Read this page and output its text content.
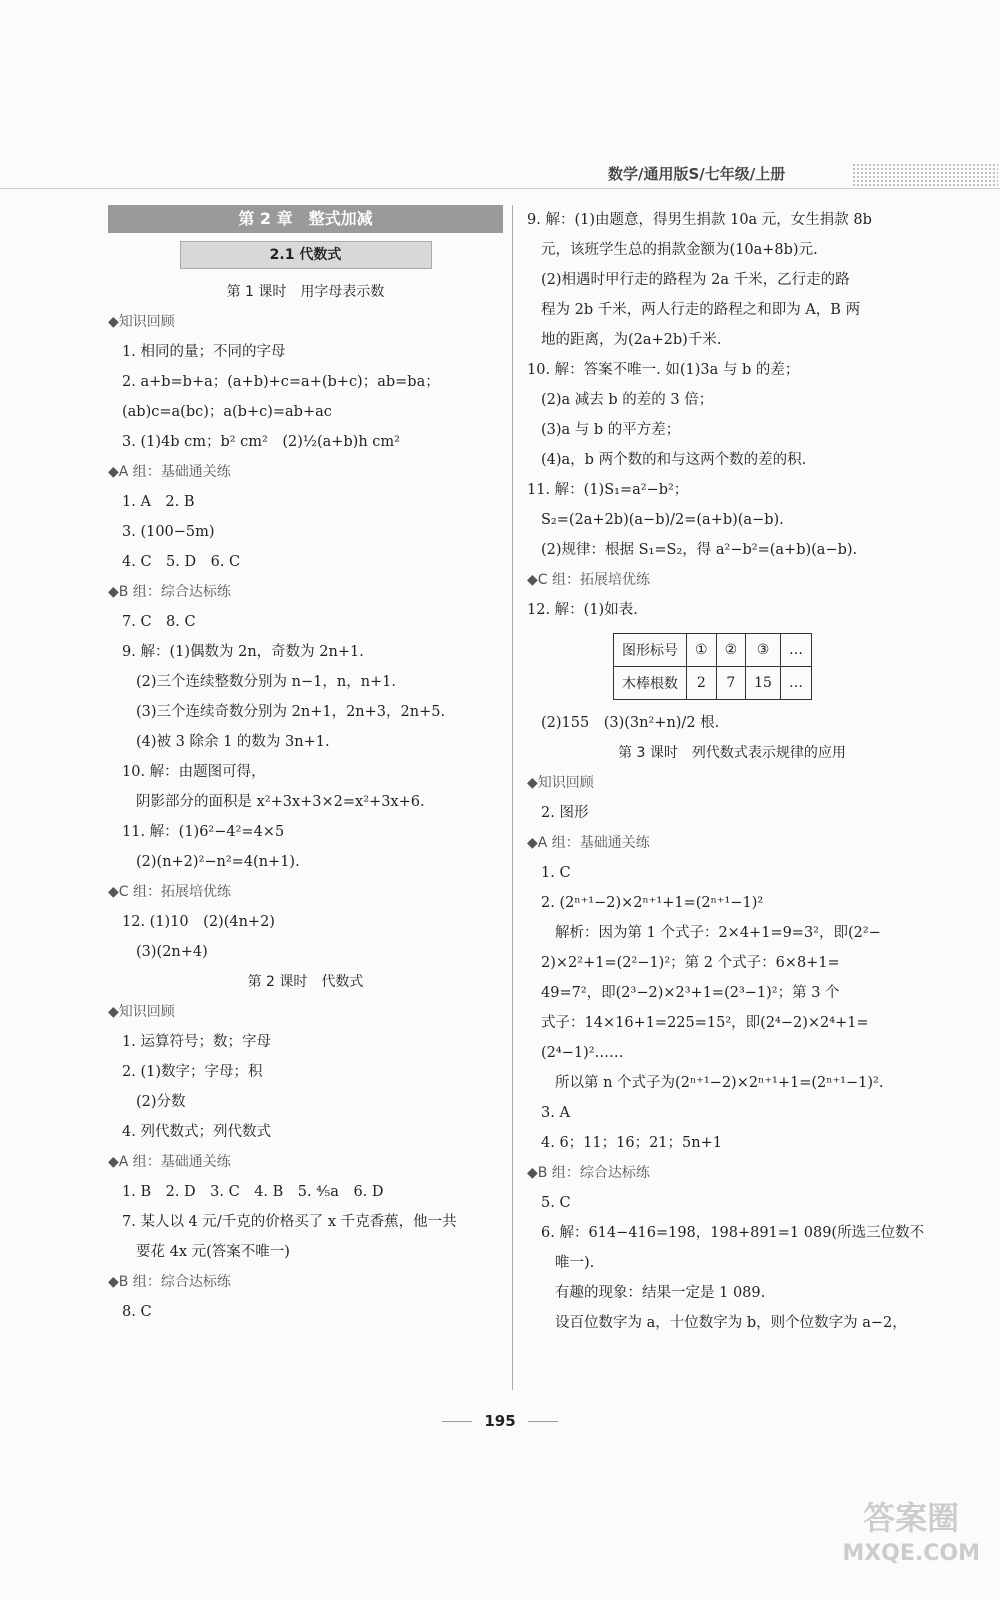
数学/通用版S/七年级/上册
第 2 章　整式加减
2.1 代数式
第 1 课时　用字母表示数
◆知识回顾
1. 相同的量；不同的字母
2. a+b=b+a；(a+b)+c=a+(b+c)；ab=ba；
(ab)c=a(bc)；a(b+c)=ab+ac
3. (1)4b cm；b² cm²　(2)½(a+b)h cm²
◆A 组：基础通关练
1. A　2. B
3. (100−5m)
4. C　5. D　6. C
◆B 组：综合达标练
7. C　8. C
9. 解：(1)偶数为 2n，奇数为 2n+1.
(2)三个连续整数分别为 n−1，n，n+1.
(3)三个连续奇数分别为 2n+1，2n+3，2n+5.
(4)被 3 除余 1 的数为 3n+1.
10. 解：由题图可得，
阴影部分的面积是 x²+3x+3×2=x²+3x+6.
11. 解：(1)6²−4²=4×5
(2)(n+2)²−n²=4(n+1).
◆C 组：拓展培优练
12. (1)10　(2)(4n+2)
(3)(2n+4)
第 2 课时　代数式
◆知识回顾
1. 运算符号；数；字母
2. (1)数字；字母；积
(2)分数
4. 列代数式；列代数式
◆A 组：基础通关练
1. B　2. D　3. C　4. B　5. ⁴⁄₅a　6. D
7. 某人以 4 元/千克的价格买了 x 千克香蕉，他一共
要花 4x 元(答案不唯一)
◆B 组：综合达标练
8. C
9. 解：(1)由题意，得男生捐款 10a 元，女生捐款 8b
元，该班学生总的捐款金额为(10a+8b)元.
(2)相遇时甲行走的路程为 2a 千米，乙行走的路
程为 2b 千米，两人行走的路程之和即为 A，B 两
地的距离，为(2a+2b)千米.
10. 解：答案不唯一. 如(1)3a 与 b 的差；
(2)a 减去 b 的差的 3 倍；
(3)a 与 b 的平方差；
(4)a，b 两个数的和与这两个数的差的积.
11. 解：(1)S₁=a²−b²；
S₂=(2a+2b)(a−b)/2=(a+b)(a−b).
(2)规律：根据 S₁=S₂，得 a²−b²=(a+b)(a−b).
◆C 组：拓展培优练
12. 解：(1)如表.
图形标号	①	②	③	…
木棒根数	2	7	15	…
(2)155　(3)(3n²+n)/2 根.
第 3 课时　列代数式表示规律的应用
◆知识回顾
2. 图形
◆A 组：基础通关练
1. C
2. (2ⁿ⁺¹−2)×2ⁿ⁺¹+1=(2ⁿ⁺¹−1)²
解析：因为第 1 个式子：2×4+1=9=3²，即(2²−
2)×2²+1=(2²−1)²；第 2 个式子：6×8+1=
49=7²，即(2³−2)×2³+1=(2³−1)²；第 3 个
式子：14×16+1=225=15²，即(2⁴−2)×2⁴+1=
(2⁴−1)²……
所以第 n 个式子为(2ⁿ⁺¹−2)×2ⁿ⁺¹+1=(2ⁿ⁺¹−1)².
3. A
4. 6；11；16；21；5n+1
◆B 组：综合达标练
5. C
6. 解：614−416=198，198+891=1 089(所选三位数不
唯一).
有趣的现象：结果一定是 1 089.
设百位数字为 a，十位数字为 b，则个位数字为 a−2，
195
答案圈
MXQE.COM
